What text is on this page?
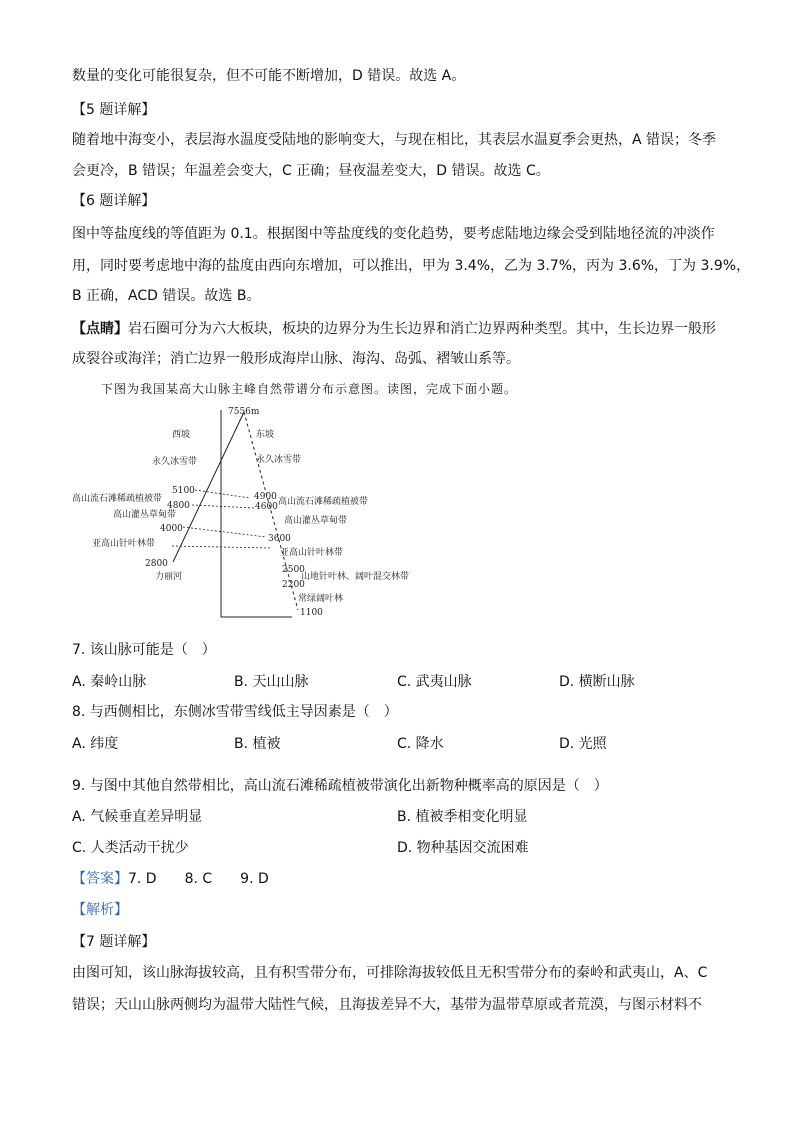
数量的变化可能很复杂，但不可能不断增加，D 错误。故选 A。
【5 题详解】
随着地中海变小，表层海水温度受陆地的影响变大，与现在相比，其表层水温夏季会更热，A 错误；冬季
会更冷，B 错误；年温差会变大，C 正确；昼夜温差变大，D 错误。故选 C。
【6 题详解】
图中等盐度线的等值距为 0.1。根据图中等盐度线的变化趋势，要考虑陆地边缘会受到陆地径流的冲淡作
用，同时要考虑地中海的盐度由西向东增加，可以推出，甲为 3.4%，乙为 3.7%，丙为 3.6%，丁为 3.9%，
B 正确，ACD 错误。故选 B。
【点睛】岩石圈可分为六大板块，板块的边界分为生长边界和消亡边界两种类型。其中，生长边界一般形
成裂谷或海洋；消亡边界一般形成海岸山脉、海沟、岛弧、褶皱山系等。
下图为我国某高大山脉主峰自然带谱分布示意图。读图，完成下面小题。
7556m
西坡	东坡
永久冰雪带	永久冰雪带
5100
4800
高山流石滩稀疏植被带
高山灌丛草甸带
4000
亚高山针叶林带
2800
力丽河
4900
4600 高山流石滩稀疏植被带
高山灌丛草甸带
3600
亚高山针叶林带
2500
山地针叶林、阔叶混交林带
2200
常绿阔叶林
1100
7. 该山脉可能是（　）
A. 秦岭山脉	B. 天山山脉	C. 武夷山脉	D. 横断山脉
8. 与西侧相比，东侧冰雪带雪线低主导因素是（　）
A. 纬度	B. 植被	C. 降水	D. 光照
9. 与图中其他自然带相比，高山流石滩稀疏植被带演化出新物种概率高的原因是（　）
A. 气候垂直差异明显	B. 植被季相变化明显
C. 人类活动干扰少	D. 物种基因交流困难
【答案】7. D　　8. C　　9. D
【解析】
【7 题详解】
由图可知，该山脉海拔较高，且有积雪带分布，可排除海拔较低且无积雪带分布的秦岭和武夷山，A、C
错误；天山山脉两侧均为温带大陆性气候，且海拔差异不大，基带为温带草原或者荒漠，与图示材料不
